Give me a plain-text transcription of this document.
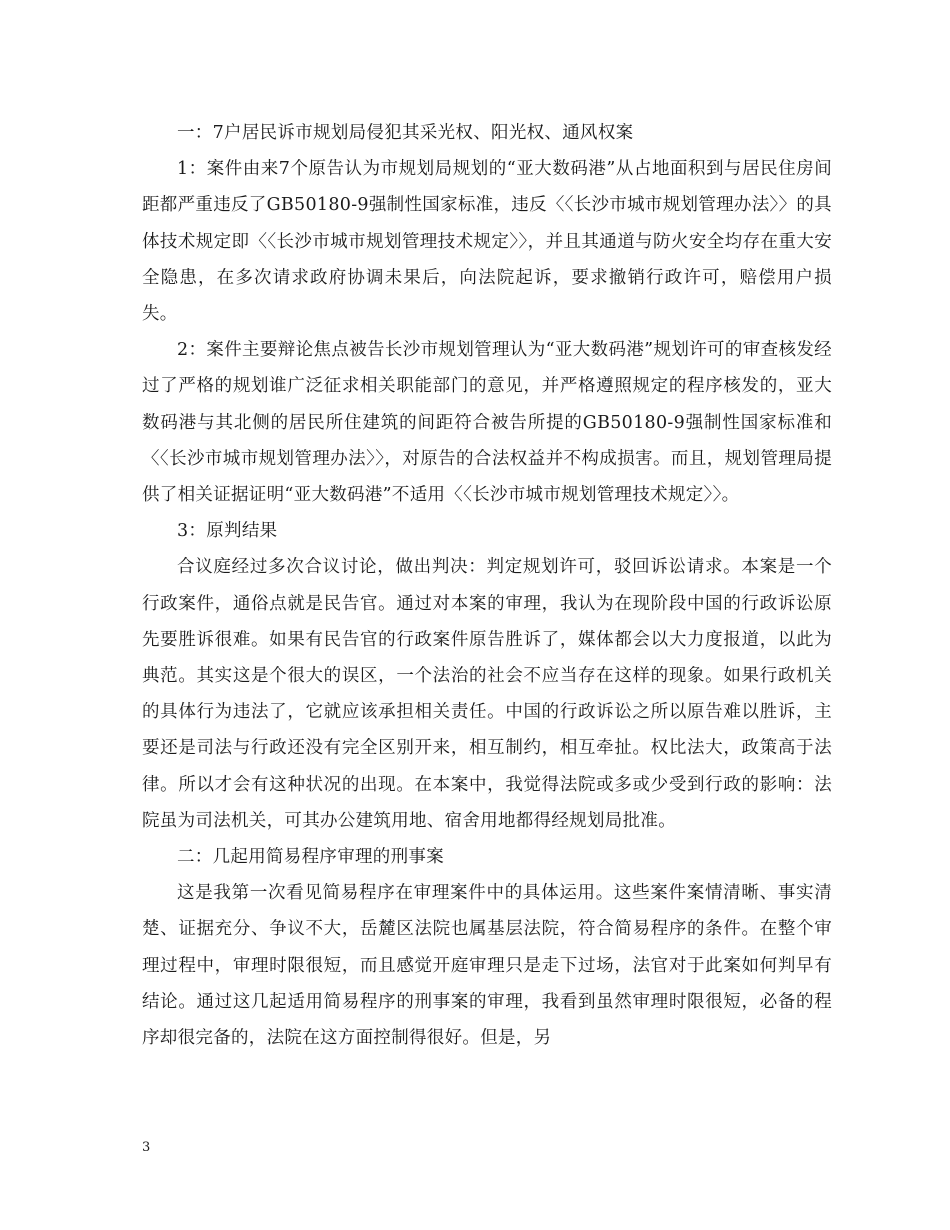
一：7户居民诉市规划局侵犯其采光权、阳光权、通风权案

1：案件由来7个原告认为市规划局规划的“亚大数码港”从占地面积到与居民住房间距都严重违反了GB50180-9强制性国家标准，违反〈〈长沙市城市规划管理办法〉〉的具体技术规定即〈〈长沙市城市规划管理技术规定〉〉，并且其通道与防火安全均存在重大安全隐患，在多次请求政府协调未果后，向法院起诉，要求撤销行政许可，赔偿用户损失。

2：案件主要辩论焦点被告长沙市规划管理认为“亚大数码港”规划许可的审查核发经过了严格的规划谁广泛征求相关职能部门的意见，并严格遵照规定的程序核发的，亚大数码港与其北侧的居民所住建筑的间距符合被告所提的GB50180-9强制性国家标准和〈〈长沙市城市规划管理办法〉〉，对原告的合法权益并不构成损害。而且，规划管理局提供了相关证据证明“亚大数码港”不适用〈〈长沙市城市规划管理技术规定〉〉。

3：原判结果

合议庭经过多次合议讨论，做出判决：判定规划许可，驳回诉讼请求。本案是一个行政案件，通俗点就是民告官。通过对本案的审理，我认为在现阶段中国的行政诉讼原先要胜诉很难。如果有民告官的行政案件原告胜诉了，媒体都会以大力度报道，以此为典范。其实这是个很大的误区，一个法治的社会不应当存在这样的现象。如果行政机关的具体行为违法了，它就应该承担相关责任。中国的行政诉讼之所以原告难以胜诉，主要还是司法与行政还没有完全区别开来，相互制约，相互牵扯。权比法大，政策高于法律。所以才会有这种状况的出现。在本案中，我觉得法院或多或少受到行政的影响：法院虽为司法机关，可其办公建筑用地、宿舍用地都得经规划局批准。

二：几起用简易程序审理的刑事案

这是我第一次看见简易程序在审理案件中的具体运用。这些案件案情清晰、事实清楚、证据充分、争议不大，岳麓区法院也属基层法院，符合简易程序的条件。在整个审理过程中，审理时限很短，而且感觉开庭审理只是走下过场，法官对于此案如何判早有结论。通过这几起适用简易程序的刑事案的审理，我看到虽然审理时限很短，必备的程序却很完备的，法院在这方面控制得很好。但是，另

3
